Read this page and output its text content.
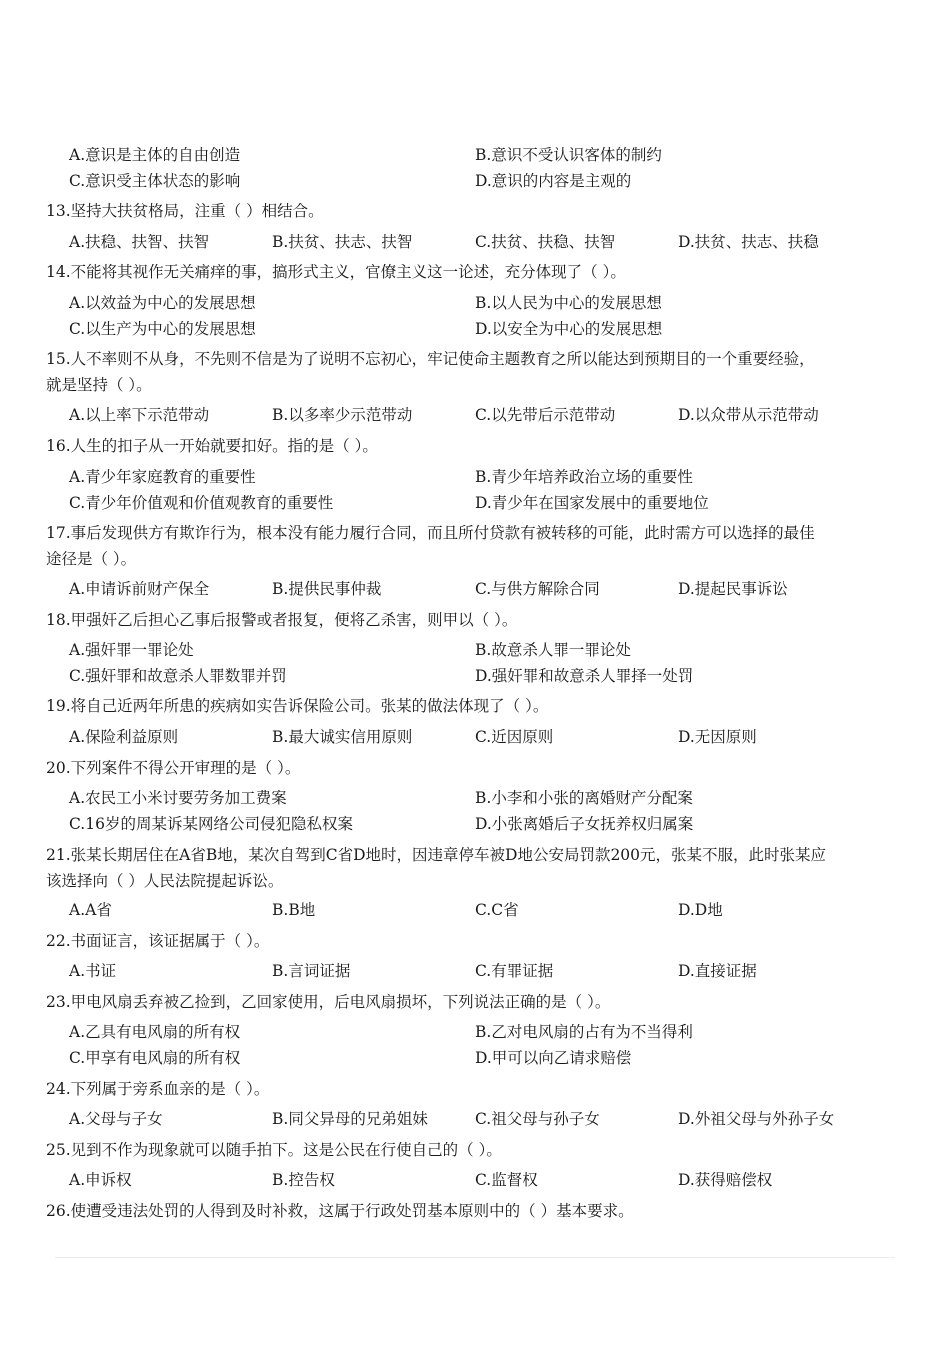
A.意识是主体的自由创造	B.意识不受认识客体的制约
C.意识受主体状态的影响	D.意识的内容是主观的
13.坚持大扶贫格局，注重（ ）相结合。
A.扶稳、扶智、扶智	B.扶贫、扶志、扶智	C.扶贫、扶稳、扶智	D.扶贫、扶志、扶稳
14.不能将其视作无关痛痒的事，搞形式主义，官僚主义这一论述，充分体现了（ ）。
A.以效益为中心的发展思想	B.以人民为中心的发展思想
C.以生产为中心的发展思想	D.以安全为中心的发展思想
15.人不率则不从身，不先则不信是为了说明不忘初心，牢记使命主题教育之所以能达到预期目的一个重要经验，
就是坚持（ ）。
A.以上率下示范带动	B.以多率少示范带动	C.以先带后示范带动	D.以众带从示范带动
16.人生的扣子从一开始就要扣好。指的是（ ）。
A.青少年家庭教育的重要性	B.青少年培养政治立场的重要性
C.青少年价值观和价值观教育的重要性	D.青少年在国家发展中的重要地位
17.事后发现供方有欺诈行为，根本没有能力履行合同，而且所付贷款有被转移的可能，此时需方可以选择的最佳
途径是（ ）。
A.申请诉前财产保全	B.提供民事仲裁	C.与供方解除合同	D.提起民事诉讼
18.甲强奸乙后担心乙事后报警或者报复，便将乙杀害，则甲以（ ）。
A.强奸罪一罪论处	B.故意杀人罪一罪论处
C.强奸罪和故意杀人罪数罪并罚	D.强奸罪和故意杀人罪择一处罚
19.将自己近两年所患的疾病如实告诉保险公司。张某的做法体现了（ ）。
A.保险利益原则	B.最大诚实信用原则	C.近因原则	D.无因原则
20.下列案件不得公开审理的是（ ）。
A.农民工小米讨要劳务加工费案	B.小李和小张的离婚财产分配案
C.16岁的周某诉某网络公司侵犯隐私权案	D.小张离婚后子女抚养权归属案
21.张某长期居住在A省B地，某次自驾到C省D地时，因违章停车被D地公安局罚款200元，张某不服，此时张某应
该选择向（ ）人民法院提起诉讼。
A.A省	B.B地	C.C省	D.D地
22.书面证言，该证据属于（ ）。
A.书证	B.言词证据	C.有罪证据	D.直接证据
23.甲电风扇丢弃被乙捡到，乙回家使用，后电风扇损坏，下列说法正确的是（ ）。
A.乙具有电风扇的所有权	B.乙对电风扇的占有为不当得利
C.甲享有电风扇的所有权	D.甲可以向乙请求赔偿
24.下列属于旁系血亲的是（ ）。
A.父母与子女	B.同父异母的兄弟姐妹	C.祖父母与孙子女	D.外祖父母与外孙子女
25.见到不作为现象就可以随手拍下。这是公民在行使自己的（ ）。
A.申诉权	B.控告权	C.监督权	D.获得赔偿权
26.使遭受违法处罚的人得到及时补救，这属于行政处罚基本原则中的（ ）基本要求。
